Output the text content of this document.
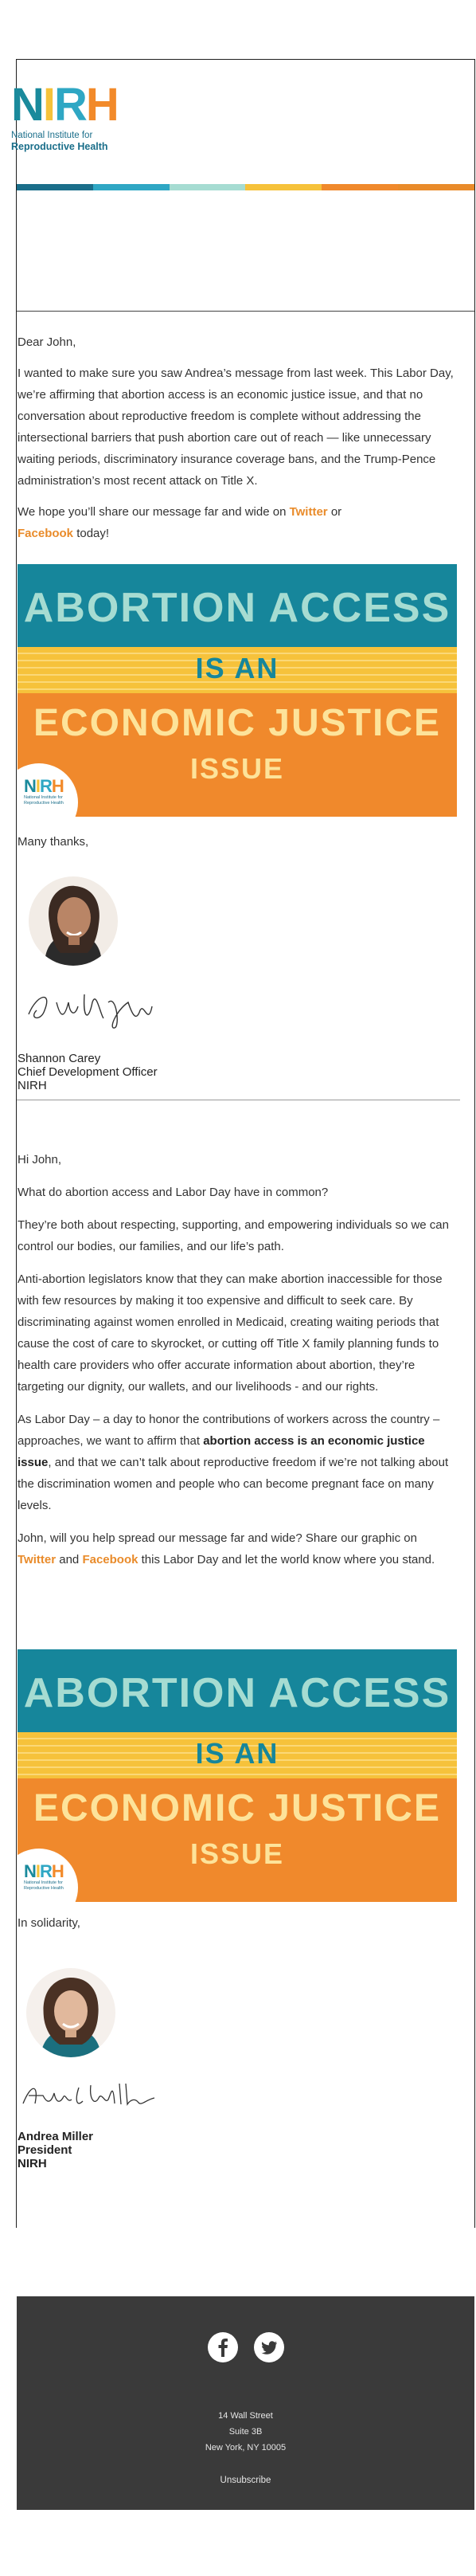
N I R H
National Institute for
Reproductive Health
Dear John,
I wanted to make sure you saw Andrea’s message from last week. This Labor Day, we’re affirming that abortion access is an economic justice issue, and that no conversation about reproductive freedom is complete without addressing the intersectional barriers that push abortion care out of reach — like unnecessary waiting periods, discriminatory insurance coverage bans, and the Trump-Pence administration’s most recent attack on Title X.
We hope you’ll share our message far and wide on Twitter or
Facebook today!
ABORTION ACCESS
IS AN
ECONOMIC JUSTICE
ISSUE
N I R H
National Institute for Reproductive Health
Many thanks,
Shannon Carey
Chief Development Officer
NIRH
Hi John,
What do abortion access and Labor Day have in common?
They’re both about respecting, supporting, and empowering individuals so we can control our bodies, our families, and our life’s path.
Anti-abortion legislators know that they can make abortion inaccessible for those with few resources by making it too expensive and difficult to seek care. By discriminating against women enrolled in Medicaid, creating waiting periods that cause the cost of care to skyrocket, or cutting off Title X family planning funds to health care providers who offer accurate information about abortion, they’re targeting our dignity, our wallets, and our livelihoods - and our rights.
As Labor Day – a day to honor the contributions of workers across the country – approaches, we want to affirm that abortion access is an economic justice issue, and that we can’t talk about reproductive freedom if we’re not talking about the discrimination women and people who can become pregnant face on many levels.
John, will you help spread our message far and wide? Share our graphic on Twitter and Facebook this Labor Day and let the world know where you stand.
ABORTION ACCESS
IS AN
ECONOMIC JUSTICE
ISSUE
N I R H
National Institute for Reproductive Health
In solidarity,
Andrea Miller
President
NIRH
14 Wall Street
Suite 3B
New York, NY 10005
Unsubscribe
